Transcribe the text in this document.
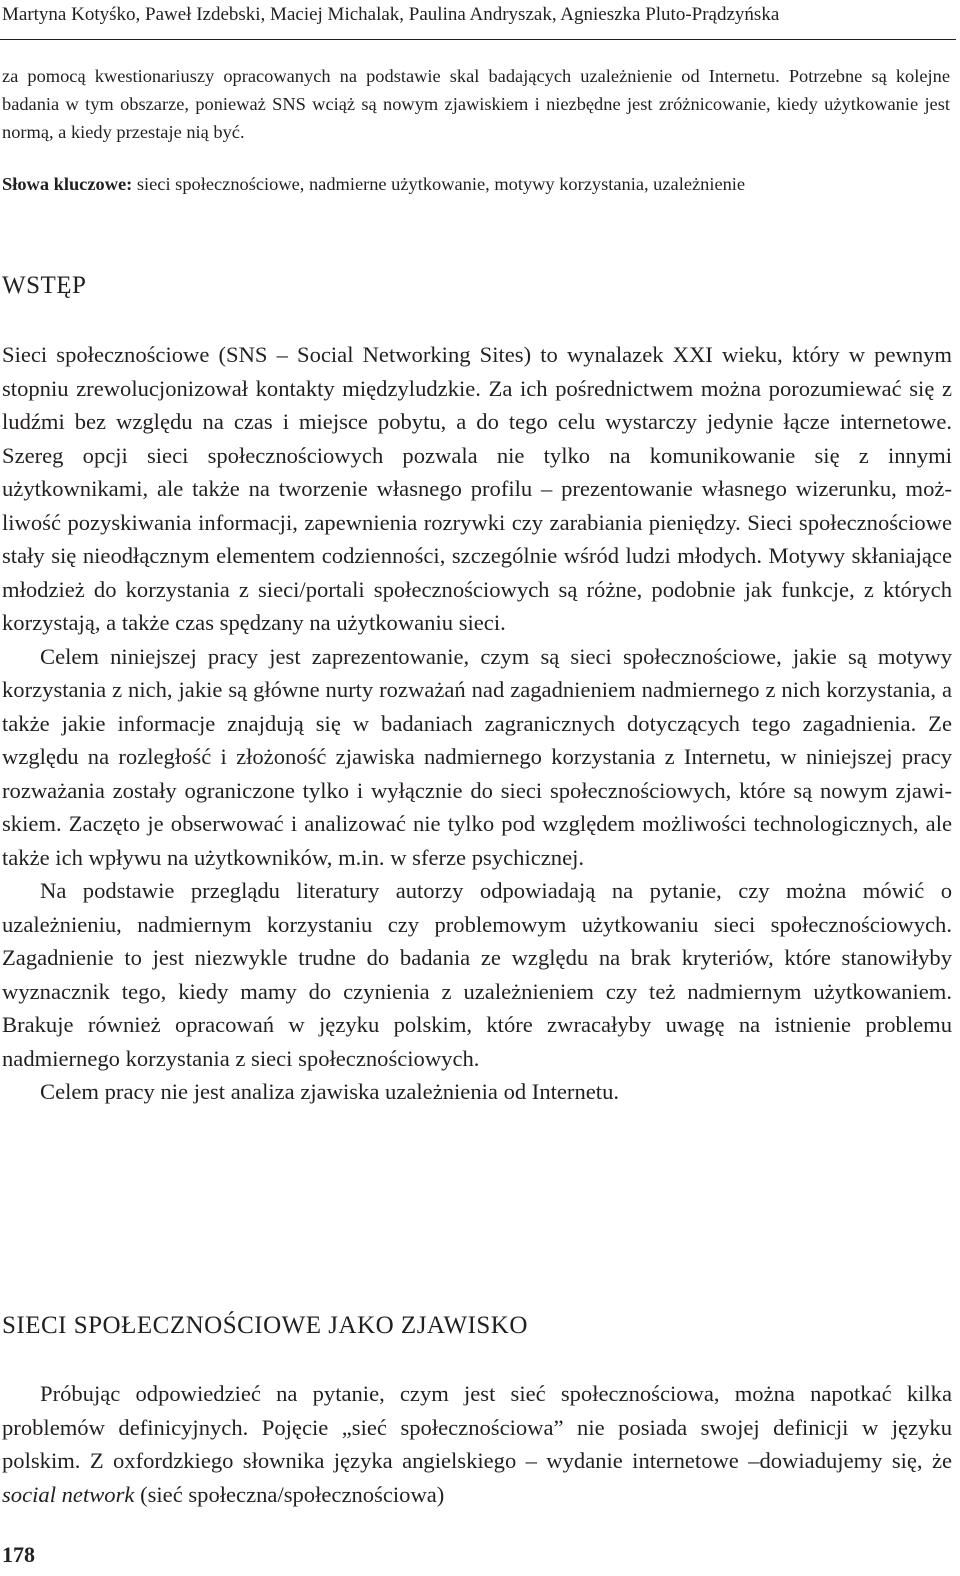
Martyna Kotyśko, Paweł Izdebski, Maciej Michalak, Paulina Andryszak, Agnieszka Pluto-Prądzyńska

za pomocą kwestionariuszy opracowanych na podstawie skal badających uzależnienie od Internetu. Potrzebne są kolejne badania w tym obszarze, ponieważ SNS wciąż są nowym zjawiskiem i niezbędne jest zróżnicowanie, kiedy użytkowanie jest normą, a kiedy przestaje nią być.

Słowa kluczowe: sieci społecznościowe, nadmierne użytkowanie, motywy korzystania, uzależnienie
WSTĘP

Sieci społecznościowe (SNS – Social Networking Sites) to wynalazek XXI wieku, który w pewnym stopniu zrewolucjonizował kontakty międzyludzkie. Za ich pośrednictwem można porozumiewać się z ludźmi bez względu na czas i miejsce pobytu, a do tego celu wystarczy jedynie łącze internetowe. Szereg opcji sieci społecznościowych pozwala nie tylko na komunikowanie się z innymi użytkownikami, ale także na tworzenie własnego profilu – prezentowanie własnego wizerunku, możliwość pozyskiwania informacji, zapewnienia rozrywki czy zarabiania pieniędzy. Sieci społecznościowe stały się nieodłącznym elementem codzienności, szczególnie wśród ludzi młodych. Motywy skłaniające młodzież do korzystania z sieci/portali społecznościowych są różne, podobnie jak funkcje, z których korzystają, a także czas spędzany na użytkowaniu sieci.

Celem niniejszej pracy jest zaprezentowanie, czym są sieci społecznościowe, jakie są motywy korzystania z nich, jakie są główne nurty rozważań nad zagadnieniem nadmiernego z nich korzystania, a także jakie informacje znajdują się w badaniach zagranicznych dotyczących tego zagadnienia. Ze względu na rozległość i złożoność zjawiska nadmiernego korzystania z Internetu, w niniejszej pracy rozważania zostały ograniczone tylko i wyłącznie do sieci społecznościowych, które są nowym zjawiskiem. Zaczęto je obserwować i analizować nie tylko pod względem możliwości technologicznych, ale także ich wpływu na użytkowników, m.in. w sferze psychicznej.

Na podstawie przeglądu literatury autorzy odpowiadają na pytanie, czy można mówić o uzależnieniu, nadmiernym korzystaniu czy problemowym użytkowaniu sieci społecznościowych. Zagadnienie to jest niezwykle trudne do badania ze względu na brak kryteriów, które stanowiłyby wyznacznik tego, kiedy mamy do czynienia z uzależnieniem czy też nadmiernym użytkowaniem. Brakuje również opracowań w języku polskim, które zwracałyby uwagę na istnienie problemu nadmiernego korzystania z sieci społecznościowych.

Celem pracy nie jest analiza zjawiska uzależnienia od Internetu.

SIECI SPOŁECZNOŚCIOWE JAKO ZJAWISKO

Próbując odpowiedzieć na pytanie, czym jest sieć społecznościowa, można napotkać kilka problemów definicyjnych. Pojęcie „sieć społecznościowa” nie posiada swojej definicji w języku polskim. Z oxfordzkiego słownika języka angielskiego – wydanie internetowe –dowiadujemy się, że social network (sieć społeczna/społecznościowa)

178
